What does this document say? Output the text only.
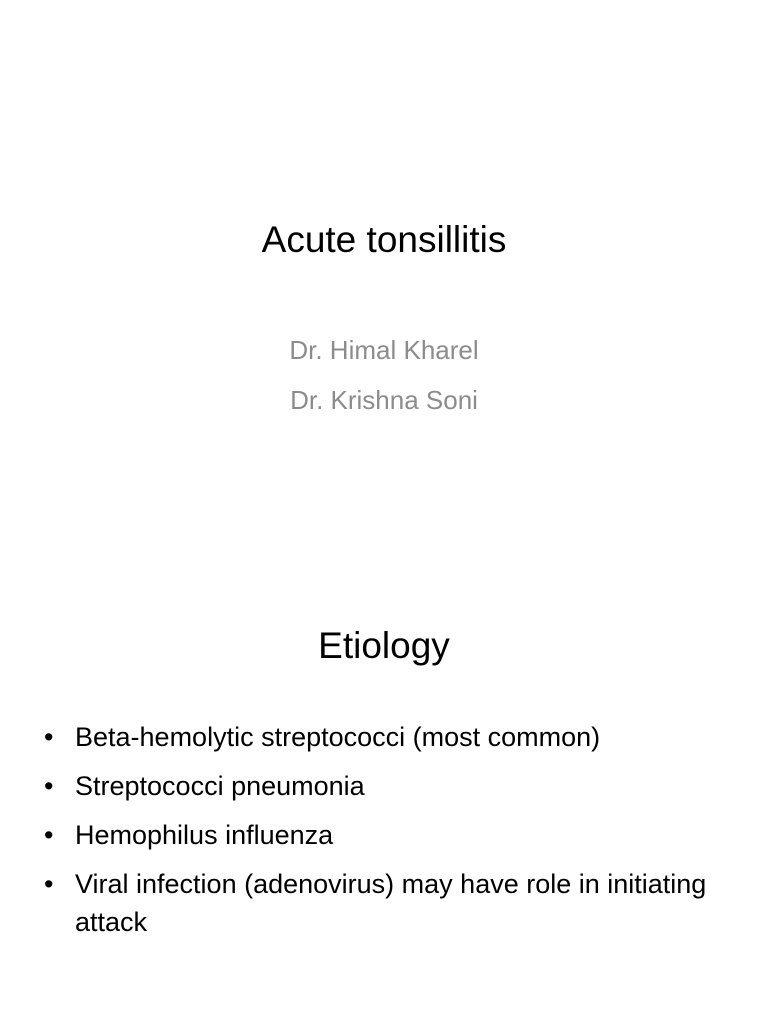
Acute tonsillitis
Dr. Himal Kharel
Dr. Krishna Soni
Etiology
• Beta-hemolytic streptococci (most common)
• Streptococci pneumonia
• Hemophilus influenza
• Viral infection (adenovirus) may have role in initiating attack
